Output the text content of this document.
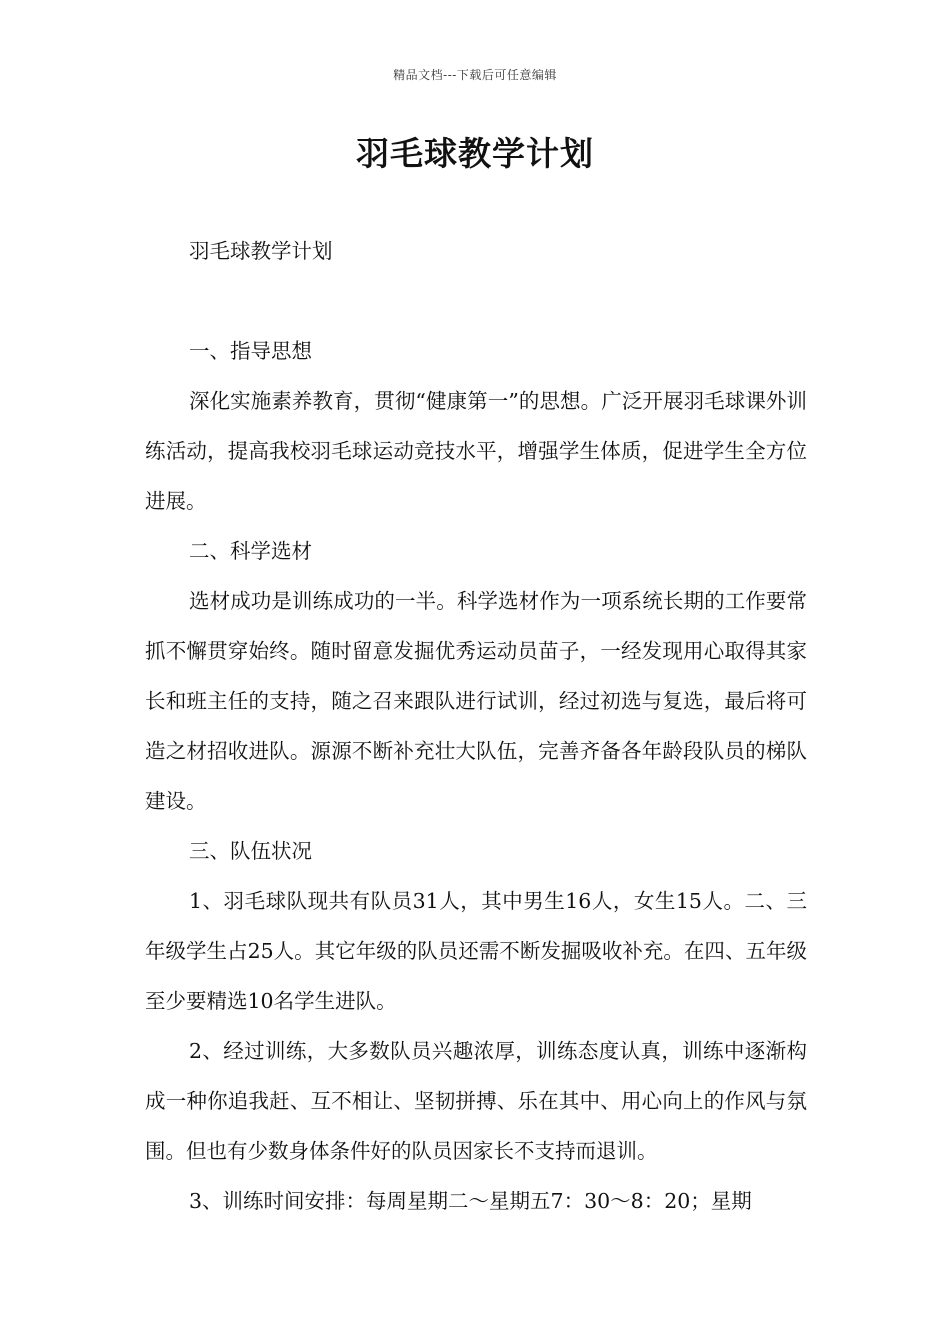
精品文档---下载后可任意编辑
羽毛球教学计划

羽毛球教学计划

一、指导思想

深化实施素养教育，贯彻“健康第一”的思想。广泛开展羽毛球课外训练活动，提高我校羽毛球运动竞技水平，增强学生体质，促进学生全方位进展。

二、科学选材

选材成功是训练成功的一半。科学选材作为一项系统长期的工作要常抓不懈贯穿始终。随时留意发掘优秀运动员苗子，一经发现用心取得其家长和班主任的支持，随之召来跟队进行试训，经过初选与复选，最后将可造之材招收进队。源源不断补充壮大队伍，完善齐备各年龄段队员的梯队建设。

三、队伍状况

1、羽毛球队现共有队员31人，其中男生16人，女生15人。二、三年级学生占25人。其它年级的队员还需不断发掘吸收补充。在四、五年级至少要精选10名学生进队。

2、经过训练，大多数队员兴趣浓厚，训练态度认真，训练中逐渐构成一种你追我赶、互不相让、坚韧拼搏、乐在其中、用心向上的作风与氛围。但也有少数身体条件好的队员因家长不支持而退训。

3、训练时间安排：每周星期二～星期五7：30～8：20；星期
